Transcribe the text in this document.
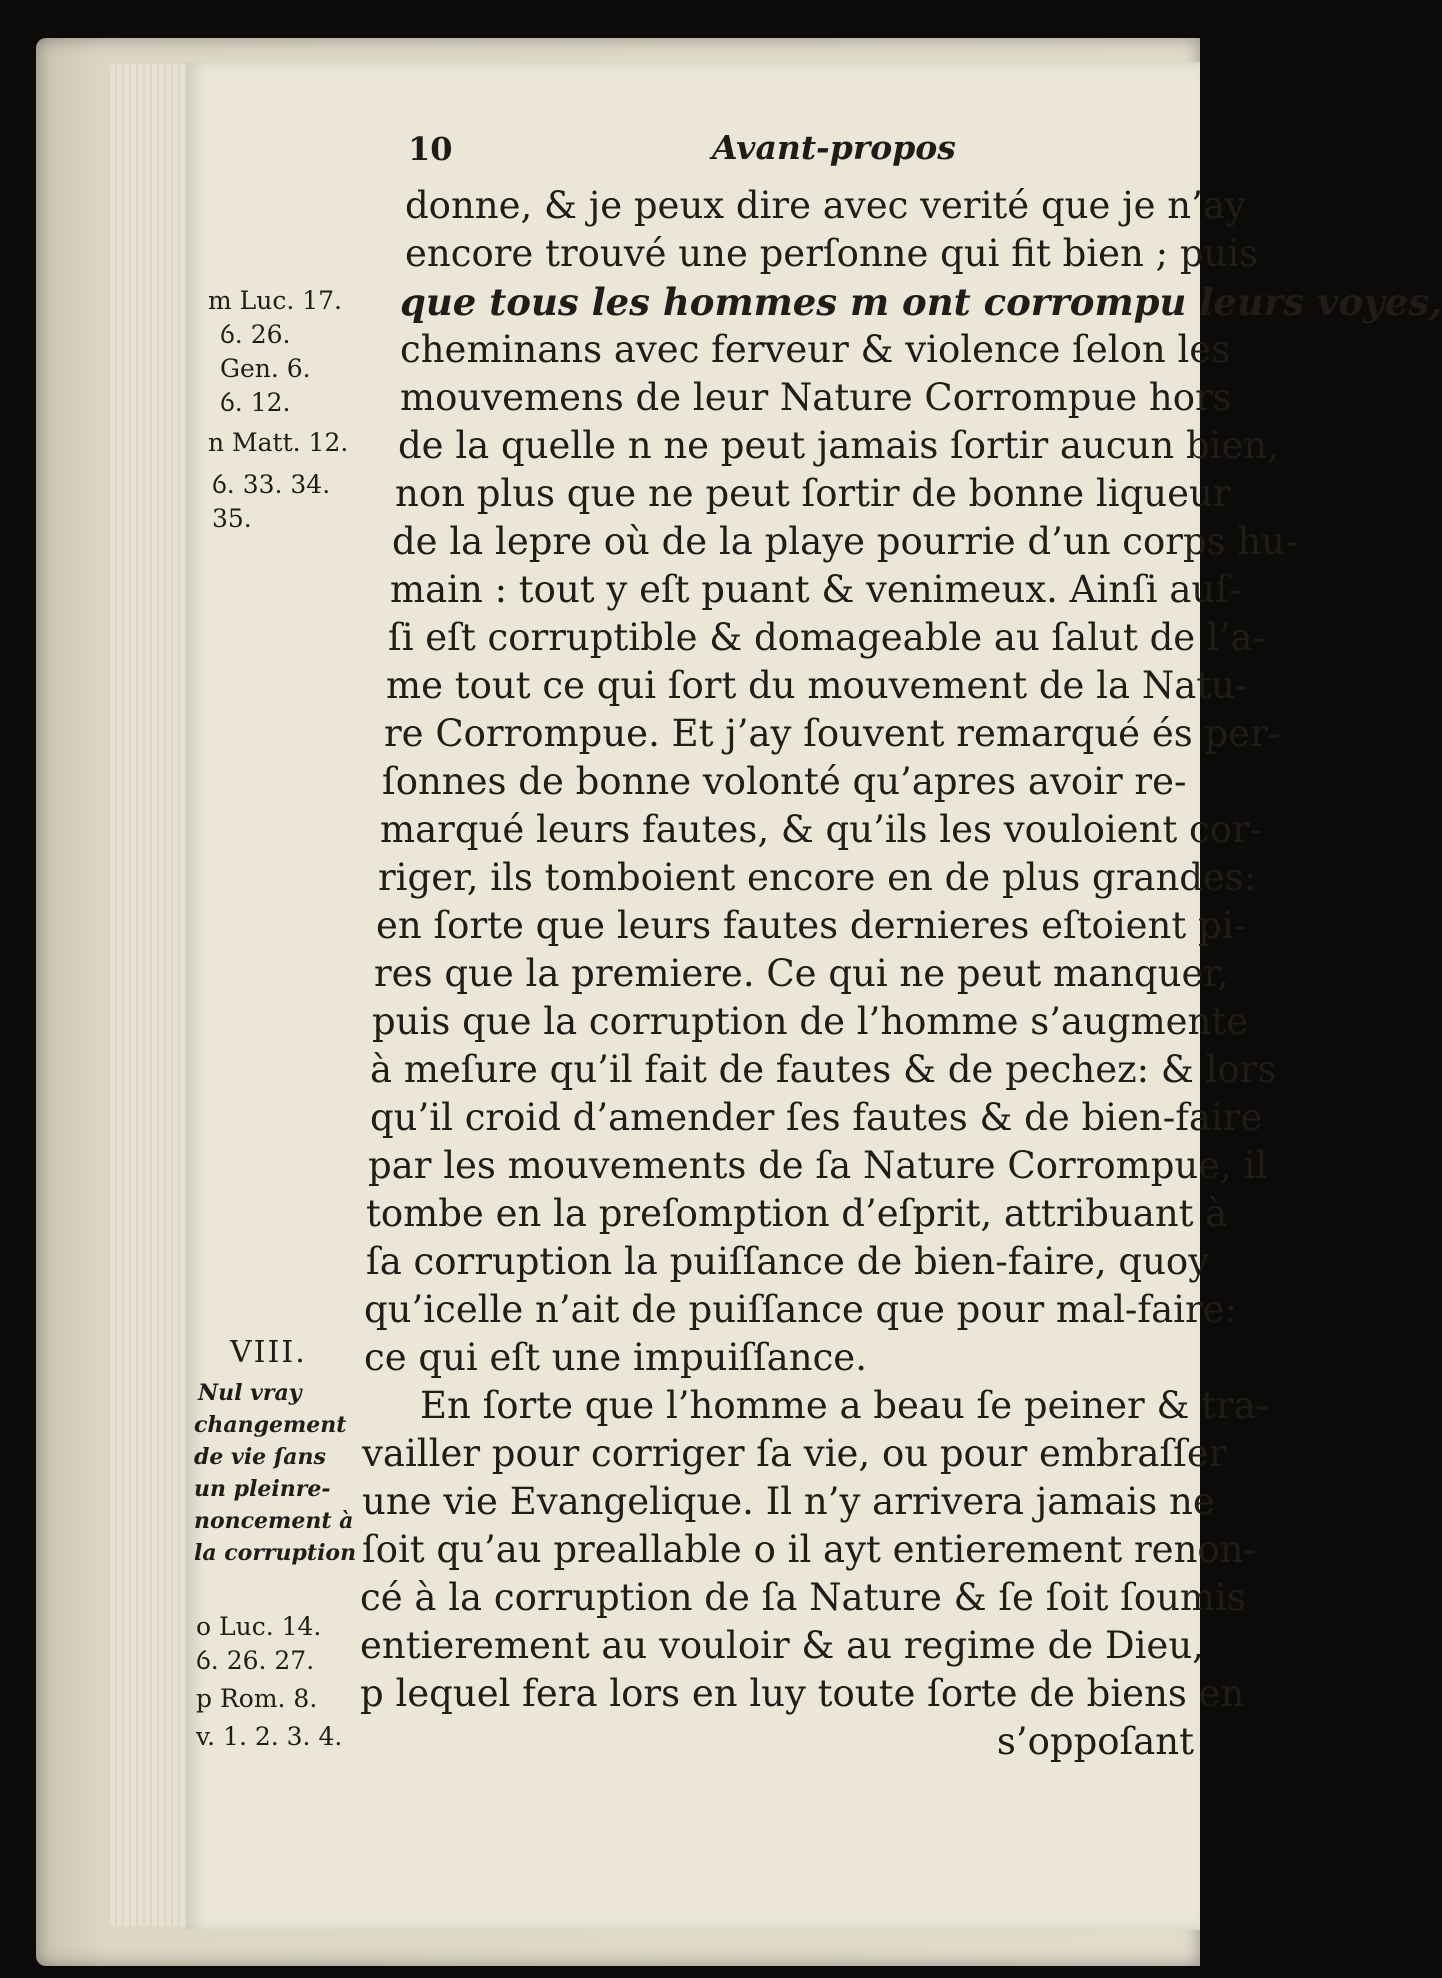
10	Avant-propos
donne, & je peux dire avec verité que je n’ay
encore trouvé une perſonne qui fit bien ; puis
que tous les hommes m ont corrompu leurs voyes,
cheminans avec ferveur & violence ſelon les
mouvemens de leur Nature Corrompue hors
de la quelle n ne peut jamais ſortir aucun bien,
non plus que ne peut ſortir de bonne liqueur
de la lepre où de la playe pourrie d’un corps hu-
main : tout y eſt puant & venimeux. Ainſi auſ-
ſi eſt corruptible & domageable au ſalut de l’a-
me tout ce qui ſort du mouvement de la Natu-
re Corrompue. Et j’ay ſouvent remarqué és per-
ſonnes de bonne volonté qu’apres avoir re-
marqué leurs fautes, & qu’ils les vouloient cor-
riger, ils tomboient encore en de plus grandes:
en ſorte que leurs fautes dernieres eſtoient pi-
res que la premiere. Ce qui ne peut manquer,
puis que la corruption de l’homme s’augmente
à meſure qu’il fait de fautes & de pechez: & lors
qu’il croid d’amender ſes fautes & de bien-faire
par les mouvements de ſa Nature Corrompue, il
tombe en la preſomption d’eſprit, attribuant à
ſa corruption la puiſſance de bien-faire, quoy
qu’icelle n’ait de puiſſance que pour mal-faire:
ce qui eſt une impuiſſance.
En ſorte que l’homme a beau ſe peiner & tra-
vailler pour corriger ſa vie, ou pour embraſſer
une vie Evangelique. Il n’y arrivera jamais ne
ſoit qu’au preallable o il ayt entierement renon-
cé à la corruption de ſa Nature & ſe ſoit ſoumis
entierement au vouloir & au regime de Dieu,
p lequel fera lors en luy toute ſorte de biens en
s’oppoſant
m Luc. 17.
ỽ. 26.
Gen. 6.
ỽ. 12.
n Matt. 12.
ỽ. 33. 34.
35.
VIII.
Nul vray
changement
de vie ſans
un pleinre-
noncement à
la corruption
o Luc. 14.
ỽ. 26. 27.
p Rom. 8.
v. 1. 2. 3. 4.
